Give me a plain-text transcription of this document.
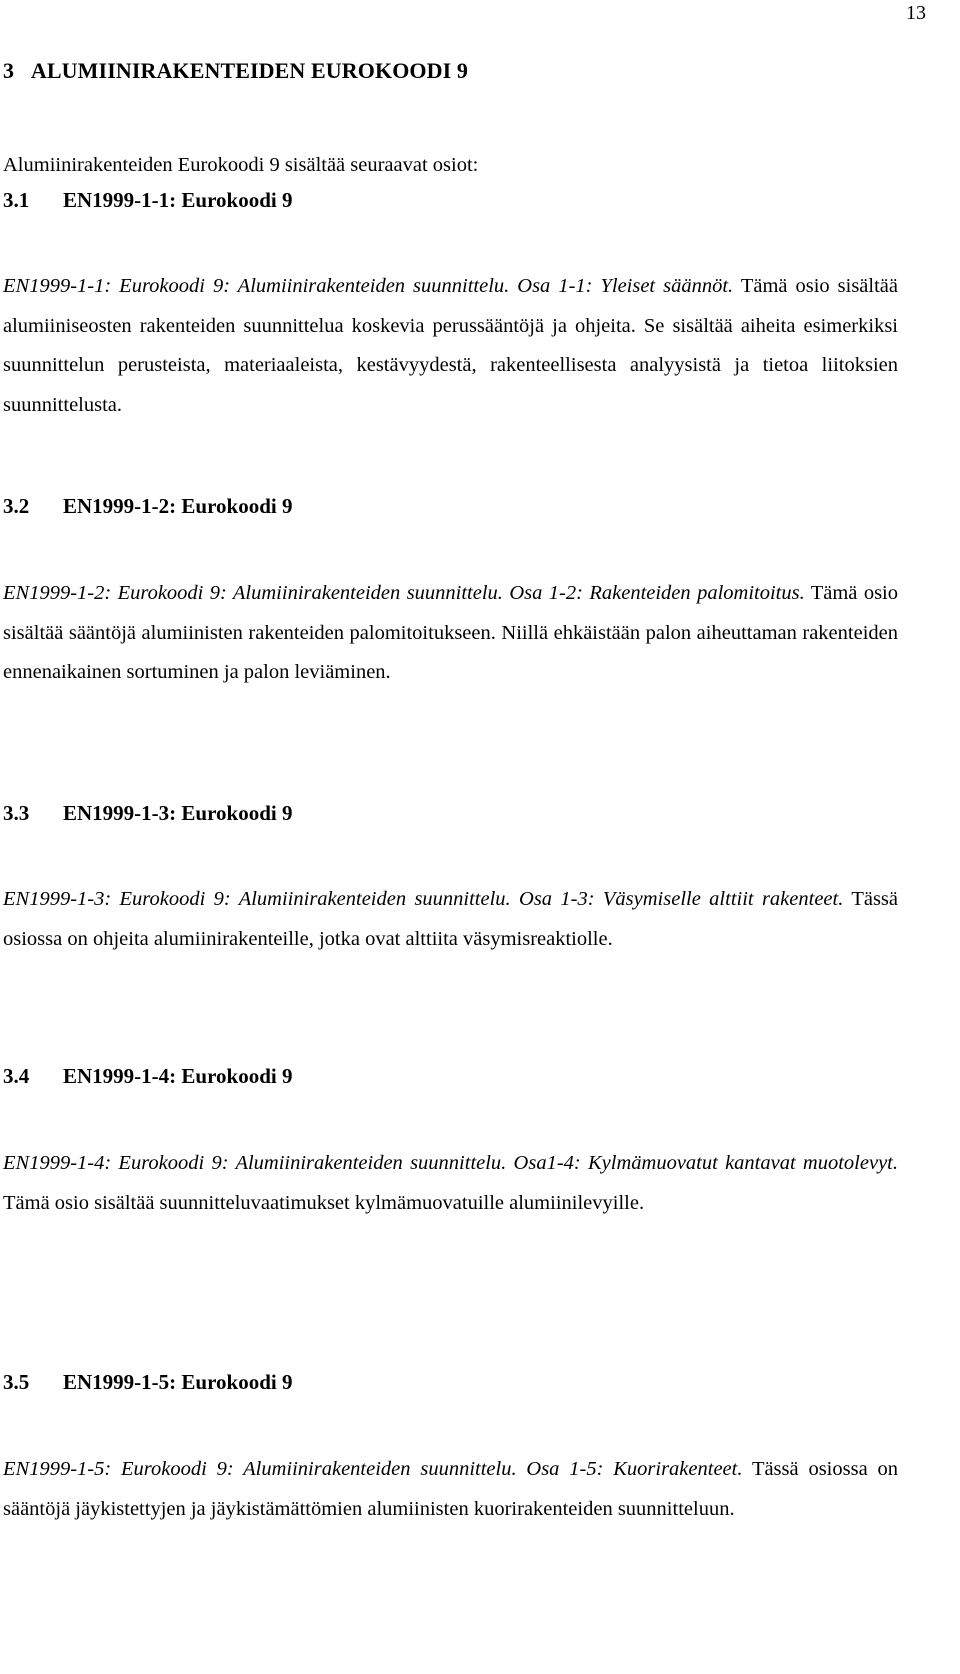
13
3 ALUMIINIRAKENTEIDEN EUROKOODI 9
Alumiinirakenteiden Eurokoodi 9 sisältää seuraavat osiot:
3.1 EN1999-1-1: Eurokoodi 9
EN1999-1-1: Eurokoodi 9: Alumiinirakenteiden suunnittelu. Osa 1-1: Yleiset säännöt. Tämä osio sisältää alumiiniseosten rakenteiden suunnittelua koskevia perussääntöjä ja ohjeita. Se sisältää aiheita esimerkiksi suunnittelun perusteista, materiaaleista, kestävyydestä, rakenteellisesta analyysistä ja tietoa liitoksien suunnittelusta.
3.2 EN1999-1-2: Eurokoodi 9
EN1999-1-2: Eurokoodi 9: Alumiinirakenteiden suunnittelu. Osa 1-2: Rakenteiden palomitoitus. Tämä osio sisältää sääntöjä alumiinisten rakenteiden palomitoitukseen. Niillä ehkäistään palon aiheuttaman rakenteiden ennenaikainen sortuminen ja palon leviäminen.
3.3 EN1999-1-3: Eurokoodi 9
EN1999-1-3: Eurokoodi 9: Alumiinirakenteiden suunnittelu. Osa 1-3: Väsymiselle alttiit rakenteet. Tässä osiossa on ohjeita alumiinirakenteille, jotka ovat alttiita väsymisreaktiolle.
3.4 EN1999-1-4: Eurokoodi 9
EN1999-1-4: Eurokoodi 9: Alumiinirakenteiden suunnittelu. Osa1-4: Kylmämuovatut kantavat muotolevyt. Tämä osio sisältää suunnitteluvaatimukset kylmämuovatuille alumiinilevyille.
3.5 EN1999-1-5: Eurokoodi 9
EN1999-1-5: Eurokoodi 9: Alumiinirakenteiden suunnittelu. Osa 1-5: Kuorirakenteet. Tässä osiossa on sääntöjä jäykistettyjen ja jäykistämättömien alumiinisten kuorirakenteiden suunnitteluun.
